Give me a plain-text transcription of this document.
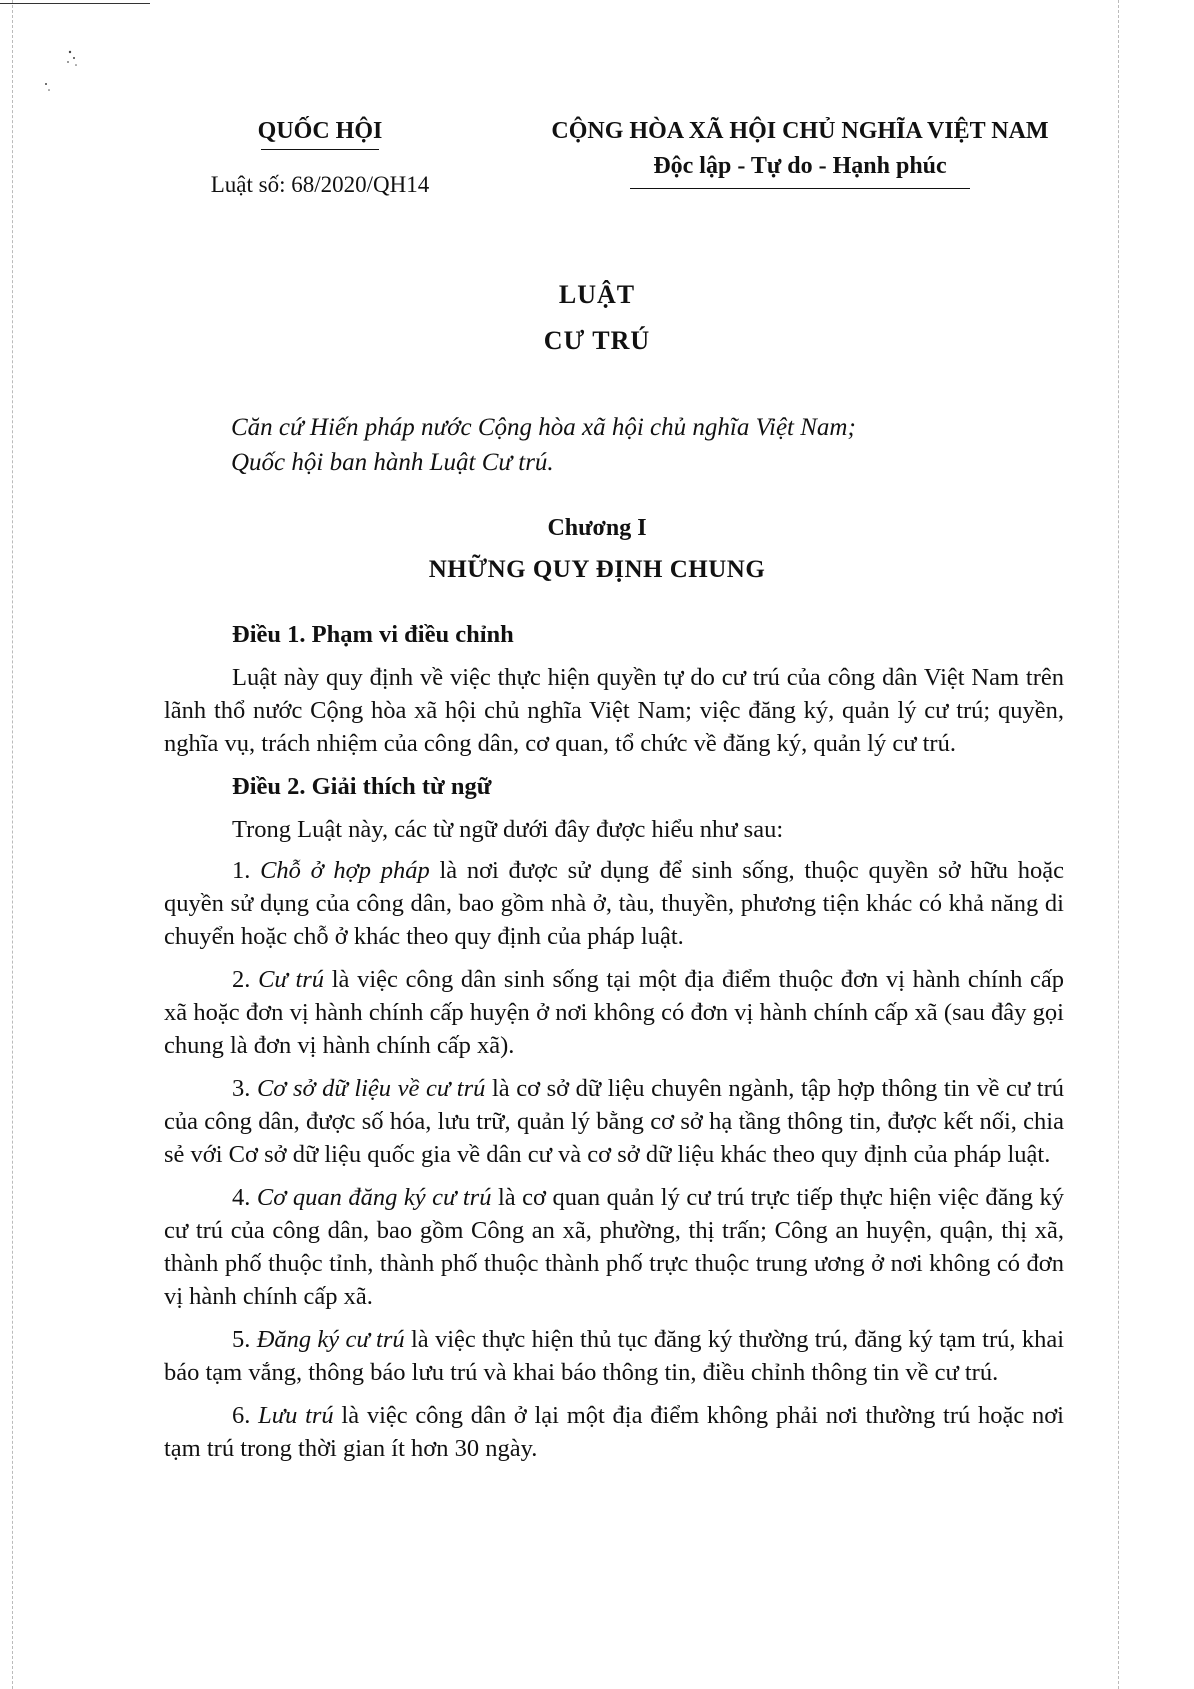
QUỐC HỘI
Luật số: 68/2020/QH14
CỘNG HÒA XÃ HỘI CHỦ NGHĨA VIỆT NAM
Độc lập - Tự do - Hạnh phúc
LUẬT
CƯ TRÚ
Căn cứ Hiến pháp nước Cộng hòa xã hội chủ nghĩa Việt Nam;
Quốc hội ban hành Luật Cư trú.
Chương I
NHỮNG QUY ĐỊNH CHUNG
Điều 1. Phạm vi điều chỉnh

Luật này quy định về việc thực hiện quyền tự do cư trú của công dân Việt Nam trên lãnh thổ nước Cộng hòa xã hội chủ nghĩa Việt Nam; việc đăng ký, quản lý cư trú; quyền, nghĩa vụ, trách nhiệm của công dân, cơ quan, tổ chức về đăng ký, quản lý cư trú.

Điều 2. Giải thích từ ngữ

Trong Luật này, các từ ngữ dưới đây được hiểu như sau:

1. Chỗ ở hợp pháp là nơi được sử dụng để sinh sống, thuộc quyền sở hữu hoặc quyền sử dụng của công dân, bao gồm nhà ở, tàu, thuyền, phương tiện khác có khả năng di chuyển hoặc chỗ ở khác theo quy định của pháp luật.

2. Cư trú là việc công dân sinh sống tại một địa điểm thuộc đơn vị hành chính cấp xã hoặc đơn vị hành chính cấp huyện ở nơi không có đơn vị hành chính cấp xã (sau đây gọi chung là đơn vị hành chính cấp xã).

3. Cơ sở dữ liệu về cư trú là cơ sở dữ liệu chuyên ngành, tập hợp thông tin về cư trú của công dân, được số hóa, lưu trữ, quản lý bằng cơ sở hạ tầng thông tin, được kết nối, chia sẻ với Cơ sở dữ liệu quốc gia về dân cư và cơ sở dữ liệu khác theo quy định của pháp luật.

4. Cơ quan đăng ký cư trú là cơ quan quản lý cư trú trực tiếp thực hiện việc đăng ký cư trú của công dân, bao gồm Công an xã, phường, thị trấn; Công an huyện, quận, thị xã, thành phố thuộc tỉnh, thành phố thuộc thành phố trực thuộc trung ương ở nơi không có đơn vị hành chính cấp xã.

5. Đăng ký cư trú là việc thực hiện thủ tục đăng ký thường trú, đăng ký tạm trú, khai báo tạm vắng, thông báo lưu trú và khai báo thông tin, điều chỉnh thông tin về cư trú.

6. Lưu trú là việc công dân ở lại một địa điểm không phải nơi thường trú hoặc nơi tạm trú trong thời gian ít hơn 30 ngày.
